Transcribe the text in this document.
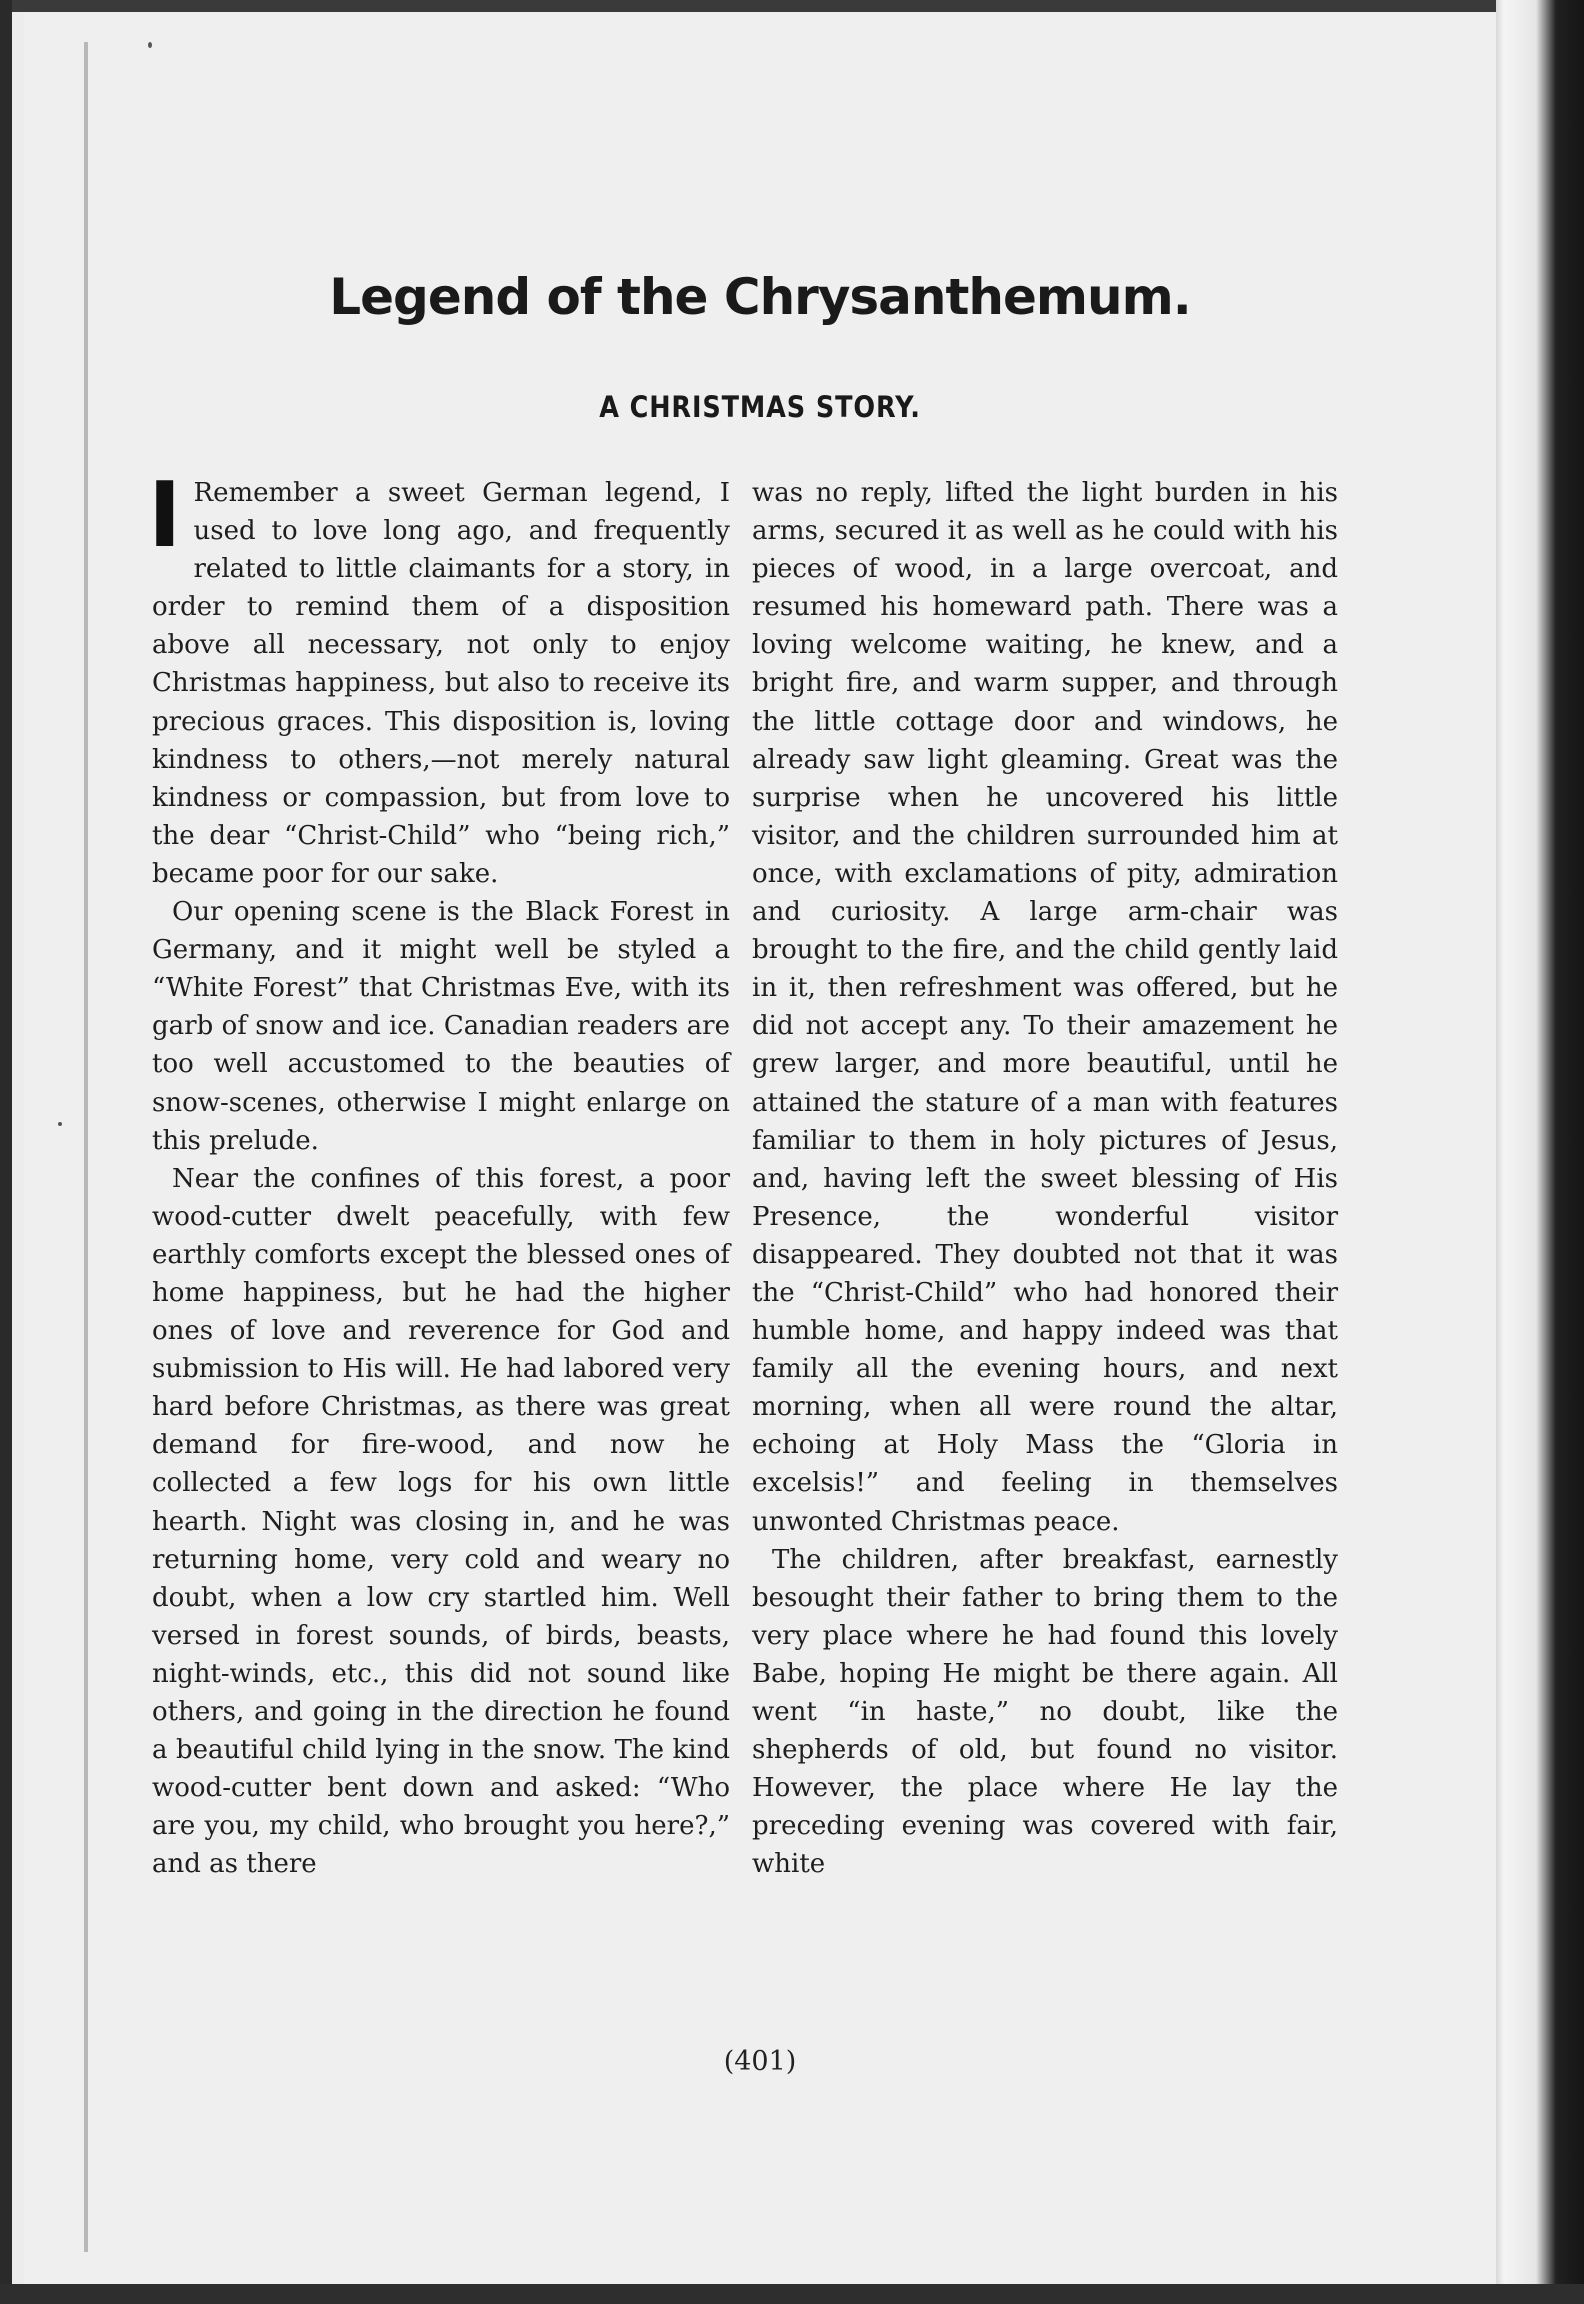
Legend of the Chrysanthemum.
A CHRISTMAS STORY.

I Remember a sweet German legend, I used to love long ago, and frequently related to little claimants for a story, in order to remind them of a disposition above all necessary, not only to enjoy Christmas happiness, but also to receive its precious graces. This disposition is, loving kindness to others,—not merely natural kindness or compassion, but from love to the dear “Christ-Child” who “being rich,” became poor for our sake.

Our opening scene is the Black Forest in Germany, and it might well be styled a “White Forest” that Christmas Eve, with its garb of snow and ice. Canadian readers are too well accustomed to the beauties of snow-scenes, otherwise I might enlarge on this prelude.

Near the confines of this forest, a poor wood-cutter dwelt peacefully, with few earthly comforts except the blessed ones of home happiness, but he had the higher ones of love and reverence for God and submission to His will. He had labored very hard before Christmas, as there was great demand for fire-wood, and now he collected a few logs for his own little hearth. Night was closing in, and he was returning home, very cold and weary no doubt, when a low cry startled him. Well versed in forest sounds, of birds, beasts, night-winds, etc., this did not sound like others, and going in the direction he found a beautiful child lying in the snow. The kind wood-cutter bent down and asked: “Who are you, my child, who brought you here?,” and as there

was no reply, lifted the light burden in his arms, secured it as well as he could with his pieces of wood, in a large overcoat, and resumed his homeward path. There was a loving welcome waiting, he knew, and a bright fire, and warm supper, and through the little cottage door and windows, he already saw light gleaming. Great was the surprise when he uncovered his little visitor, and the children surrounded him at once, with exclamations of pity, admiration and curiosity. A large arm-chair was brought to the fire, and the child gently laid in it, then refreshment was offered, but he did not accept any. To their amazement he grew larger, and more beautiful, until he attained the stature of a man with features familiar to them in holy pictures of Jesus, and, having left the sweet blessing of His Presence, the wonderful visitor disappeared. They doubted not that it was the “Christ-Child” who had honored their humble home, and happy indeed was that family all the evening hours, and next morning, when all were round the altar, echoing at Holy Mass the “Gloria in excelsis!” and feeling in themselves unwonted Christmas peace.

The children, after breakfast, earnestly besought their father to bring them to the very place where he had found this lovely Babe, hoping He might be there again. All went “in haste,” no doubt, like the shepherds of old, but found no visitor. However, the place where He lay the preceding evening was covered with fair, white

(401)
